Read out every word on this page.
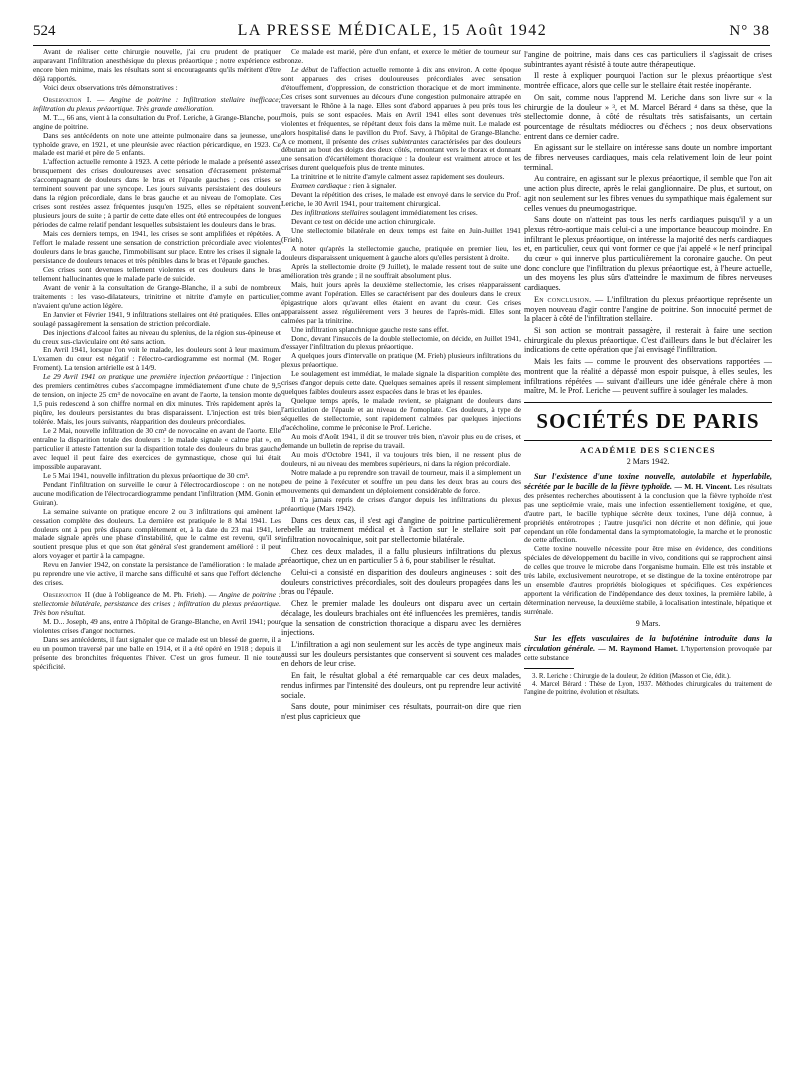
524	LA PRESSE MÉDICALE, 15 Août 1942	N° 38

Avant de réaliser cette chirurgie nouvelle, j'ai cru prudent de pratiquer auparavant l'infiltration anesthésique du plexus préaortique ; notre expérience est encore bien minime, mais les résultats sont si encourageants qu'ils méritent d'être déjà rapportés.

Voici deux observations très démonstratives :

Observation I. — Angine de poitrine : Infiltration stellaire inefficace; infiltration du plexus préaortique. Très grande amélioration.

M. T..., 66 ans, vient à la consultation du Prof. Leriche, à Grange-Blanche, pour angine de poitrine.

Dans ses antécédents on note une atteinte pulmonaire dans sa jeunesse, une typhoïde grave, en 1921, et une pleurésie avec réaction péricardique, en 1923. Ce malade est marié et père de 5 enfants.

L'affection actuelle remonte à 1923. A cette période le malade a présenté assez brusquement des crises douloureuses avec sensation d'écrasement présternal s'accompagnant de douleurs dans le bras et l'épaule gauches ; ces crises se terminent souvent par une syncope. Les jours suivants persistaient des douleurs dans la région précordiale, dans le bras gauche et au niveau de l'omoplate. Ces crises sont restées assez fréquentes jusqu'en 1925, elles se répétaient souvent plusieurs jours de suite ; à partir de cette date elles ont été entrecoupées de longues périodes de calme relatif pendant lesquelles subsistaient les douleurs dans le bras.

Mais ces derniers temps, en 1941, les crises se sont amplifiées et répétées. A l'effort le malade ressent une sensation de constriction précordiale avec violentes douleurs dans le bras gauche, l'immobilisant sur place. Entre les crises il signale la persistance de douleurs tenaces et très pénibles dans le bras et l'épaule gauches.

Ces crises sont devenues tellement violentes et ces douleurs dans le bras tellement hallucinantes que le malade parle de suicide.

Avant de venir à la consultation de Grange-Blanche, il a subi de nombreux traitements : les vaso-dilatateurs, trinitrine et nitrite d'amyle en particulier, n'avaient qu'une action légère.

En Janvier et Février 1941, 9 infiltrations stellaires ont été pratiquées. Elles ont soulagé passagèrement la sensation de striction précordiale.

Des injections d'alcool faites au niveau du splenius, de la région sus-épineuse et du creux sus-claviculaire ont été sans action.

En Avril 1941, lorsque l'on voit le malade, les douleurs sont à leur maximum. L'examen du cœur est négatif : l'électro-cardiogramme est normal (M. Roger Froment). La tension artérielle est à 14/9.

Le 29 Avril 1941 on pratique une première injection préaortique : l'injection des premiers centimètres cubes s'accompagne immédiatement d'une chute de 9,5 de tension, on injecte 25 cm³ de novocaïne en avant de l'aorte, la tension monte de 1,5 puis redescend à son chiffre normal en dix minutes. Très rapidement après la piqûre, les douleurs persistantes du bras disparaissent. L'injection est très bien tolérée. Mais, les jours suivants, réapparition des douleurs précordiales.

Le 2 Mai, nouvelle infiltration de 30 cm³ de novocaïne en avant de l'aorte. Elle entraîne la disparition totale des douleurs : le malade signale « calme plat », en particulier il atteste l'attention sur la disparition totale des douleurs du bras gauche avec lequel il peut faire des exercices de gymnastique, chose qui lui était impossible auparavant.

Le 5 Mai 1941, nouvelle infiltration du plexus préaortique de 30 cm³.

Pendant l'infiltration on surveille le cœur à l'électrocardioscope : on ne note aucune modification de l'électrocardiogramme pendant l'infiltration (MM. Gonin et Guiran).

La semaine suivante on pratique encore 2 ou 3 infiltrations qui amènent la cessation complète des douleurs. La dernière est pratiquée le 8 Mai 1941. Les douleurs ont à peu près disparu complètement et, à la date du 23 mai 1941, le malade signale après une phase d'instabilité, que le calme est revenu, qu'il se soutient presque plus et que son état général s'est grandement amélioré : il peut alors voyager et partir à la campagne.

Revu en Janvier 1942, on constate la persistance de l'amélioration : le malade a pu reprendre une vie active, il marche sans difficulté et sans que l'effort déclenche des crises.

Observation II (due à l'obligeance de M. Ph. Frieh). — Angine de poitrine : stellectomie bilatérale, persistance des crises ; infiltration du plexus préaortique. Très bon résultat.

M. D... Joseph, 49 ans, entre à l'hôpital de Grange-Blanche, en Avril 1941; pour violentes crises d'angor nocturnes.

Dans ses antécédents, il faut signaler que ce malade est un blessé de guerre, il a eu un poumon traversé par une balle en 1914, et il a été opéré en 1918 ; depuis il présente des bronchites fréquentes l'hiver. C'est un gros fumeur. Il nie toute spécificité.

Ce malade est marié, père d'un enfant, et exerce le métier de tourneur sur bronze.

Le début de l'affection actuelle remonte à dix ans environ. A cette époque sont apparues des crises douloureuses précordiales avec sensation d'étouffement, d'oppression, de constriction thoracique et de mort imminente. Ces crises sont survenues au décours d'une congestion pulmonaire attrapée en traversant le Rhône à la nage. Elles sont d'abord apparues à peu près tous les mois, puis se sont espacées. Mais en Avril 1941 elles sont devenues très violentes et fréquentes, se répétant deux fois dans la même nuit. Le malade est alors hospitalisé dans le pavillon du Prof. Savy, à l'hôpital de Grange-Blanche. A ce moment, il présente des crises subintrantes caractérisées par des douleurs débutant au bout des doigts des deux côtés, remontant vers le thorax et donnant une sensation d'écartèlement thoracique : la douleur est vraiment atroce et les crises durent quelquefois plus de trente minutes.

La trinitrine et le nitrite d'amyle calment assez rapidement ses douleurs.

Examen cardiaque : rien à signaler.

Devant la répétition des crises, le malade est envoyé dans le service du Prof. Leriche, le 30 Avril 1941, pour traitement chirurgical.

Des infiltrations stellaires soulagent immédiatement les crises.

Devant ce test on décide une action chirurgicale.

Une stellectomie bilatérale en deux temps est faite en Juin-Juillet 1941 (Frieh).

A noter qu'après la stellectomie gauche, pratiquée en premier lieu, les douleurs disparaissent uniquement à gauche alors qu'elles persistent à droite.

Après la stellectomie droite (9 Juillet), le malade ressent tout de suite une amélioration très grande ; il ne souffrait absolument plus.

Mais, huit jours après la deuxième stellectomie, les crises réapparaissent comme avant l'opération. Elles se caractérisent par des douleurs dans le creux épigastrique alors qu'avant elles étaient en avant du cœur. Ces crises apparaissent assez régulièrement vers 3 heures de l'après-midi. Elles sont calmées par la trinitrine.

Une infiltration splanchnique gauche reste sans effet.

Donc, devant l'insuccès de la double stellectomie, on décide, en Juillet 1941, d'essayer l'infiltration du plexus préaortique.

A quelques jours d'intervalle on pratique (M. Frieh) plusieurs infiltrations du plexus préaortique.

Le soulagement est immédiat, le malade signale la disparition complète des crises d'angor depuis cette date. Quelques semaines après il ressent simplement quelques faibles douleurs assez espacées dans le bras et les épaules.

Quelque temps après, le malade revient, se plaignant de douleurs dans l'articulation de l'épaule et au niveau de l'omoplate. Ces douleurs, à type de séquelles de stellectomie, sont rapidement calmées par quelques injections d'acécholine, comme le préconise le Prof. Leriche.

Au mois d'Août 1941, il dit se trouver très bien, n'avoir plus eu de crises, et demande un bulletin de reprise du travail.

Au mois d'Octobre 1941, il va toujours très bien, il ne ressent plus de douleurs, ni au niveau des membres supérieurs, ni dans la région précordiale.

Notre malade a pu reprendre son travail de tourneur, mais il a simplement un peu de peine à l'exécuter et souffre un peu dans les deux bras au cours des mouvements qui demandent un déploiement considérable de force.

Il n'a jamais repris de crises d'angor depuis les infiltrations du plexus préaortique (Mars 1942).

Dans ces deux cas, il s'est agi d'angine de poitrine particulièrement rebelle au traitement médical et à l'action sur le stellaire soit par infiltration novocaïnique, soit par stellectomie bilatérale.

Chez ces deux malades, il a fallu plusieurs infiltrations du plexus préaortique, chez un en particulier 5 à 6, pour stabiliser le résultat.

Celui-ci a consisté en disparition des douleurs angineuses : soit des douleurs constrictives précordiales, soit des douleurs propagées dans les bras ou l'épaule.

Chez le premier malade les douleurs ont disparu avec un certain décalage, les douleurs brachiales ont été influencées les premières, tandis que la sensation de constriction thoracique a disparu avec les dernières injections.

L'infiltration a agi non seulement sur les accès de type angineux mais aussi sur les douleurs persistantes que conservent si souvent ces malades en dehors de leur crise.

En fait, le résultat global a été remarquable car ces deux malades, rendus infirmes par l'intensité des douleurs, ont pu reprendre leur activité sociale.

Sans doute, pour minimiser ces résultats, pourrait-on dire que rien n'est plus capricieux que

l'angine de poitrine, mais dans ces cas particuliers il s'agissait de crises subintrantes ayant résisté à toute autre thérapeutique.

Il reste à expliquer pourquoi l'action sur le plexus préaortique s'est montrée efficace, alors que celle sur le stellaire était restée inopérante.

On sait, comme nous l'apprend M. Leriche dans son livre sur « la chirurgie de la douleur » ³, et M. Marcel Bérard ⁴ dans sa thèse, que la stellectomie donne, à côté de résultats très satisfaisants, un certain pourcentage de résultats médiocres ou d'échecs ; nos deux observations entrent dans ce dernier cadre.

En agissant sur le stellaire on intéresse sans doute un nombre important de fibres nerveuses cardiaques, mais cela relativement loin de leur point terminal.

Au contraire, en agissant sur le plexus préaortique, il semble que l'on ait une action plus directe, après le relai ganglionnaire. De plus, et surtout, on agit non seulement sur les fibres venues du sympathique mais également sur celles venues du pneumogastrique.

Sans doute on n'atteint pas tous les nerfs cardiaques puisqu'il y a un plexus rétro-aortique mais celui-ci a une importance beaucoup moindre. En infiltrant le plexus préaortique, on intéresse la majorité des nerfs cardiaques et, en particulier, ceux qui vont former ce que j'ai appelé « le nerf principal du cœur » qui innerve plus particulièrement la coronaire gauche. On peut donc conclure que l'infiltration du plexus préaortique est, à l'heure actuelle, un des moyens les plus sûrs d'atteindre le maximum de fibres nerveuses cardiaques.

En conclusion. — L'infiltration du plexus préaortique représente un moyen nouveau d'agir contre l'angine de poitrine. Son innocuité permet de la placer à côté de l'infiltration stellaire.

Si son action se montrait passagère, il resterait à faire une section chirurgicale du plexus préaortique. C'est d'ailleurs dans le but d'éclairer les indications de cette opération que j'ai envisagé l'infiltration.

Mais les faits — comme le prouvent des observations rapportées — montrent que la réalité a dépassé mon espoir puisque, à elles seules, les infiltrations répétées — suivant d'ailleurs une idée générale chère à mon maître, M. le Prof. Leriche — peuvent suffire à soulager les malades.

SOCIÉTÉS DE PARIS
ACADÉMIE DES SCIENCES
2 Mars 1942.

Sur l'existence d'une toxine nouvelle, autolabile et hyperlabile, sécrétée par le bacille de la fièvre typhoïde. — M. H. Vincent. Les résultats des présentes recherches aboutissent à la conclusion que la fièvre typhoïde n'est pas une septicémie vraie, mais une infection essentiellement toxigène, et que, d'autre part, le bacille typhique sécrète deux toxines, l'une déjà connue, à propriétés entérotropes ; l'autre jusqu'ici non décrite et non définie, qui joue cependant un rôle fondamental dans la symptomatologie, la marche et le pronostic de cette affection.

Cette toxine nouvelle nécessite pour être mise en évidence, des conditions spéciales de développement du bacille in vivo, conditions qui se rapprochent ainsi de celles que trouve le microbe dans l'organisme humain. Elle est très instable et très labile, exclusivement neurotrope, et se distingue de la toxine entérotrope par un ensemble d'autres propriétés biologiques et spécifiques. Ces expériences apportent la vérification de l'indépendance des deux toxines, la première labile, à détermination nerveuse, la deuxième stabile, à localisation intestinale, hépatique et surrénale.

9 Mars.

Sur les effets vasculaires de la bufoténine introduite dans la circulation générale. — M. Raymond Hamet. L'hypertension provoquée par cette substance

3. R. Leriche : Chirurgie de la douleur, 2e édition (Masson et Cie, édit.).

4. Marcel Bérard : Thèse de Lyon, 1937. Méthodes chirurgicales du traitement de l'angine de poitrine, évolution et résultats.
